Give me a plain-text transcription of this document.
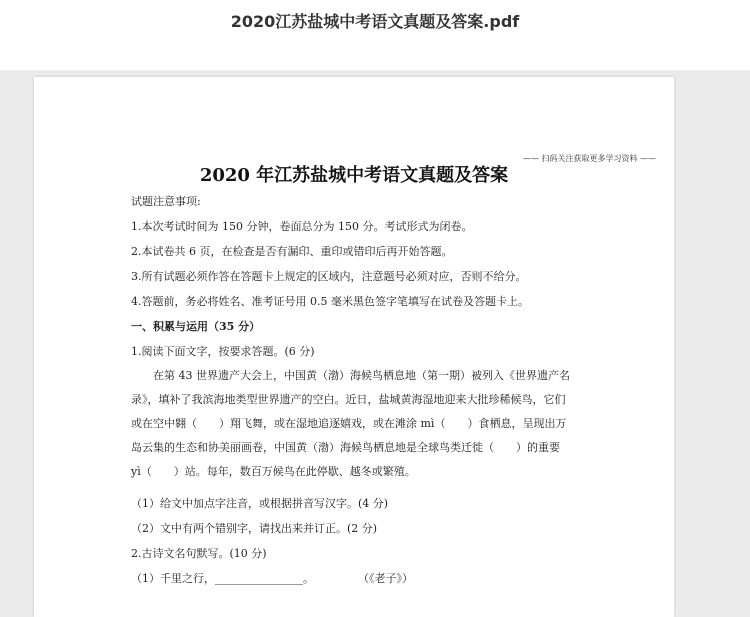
2020江苏盐城中考语文真题及答案.pdf
—— 扫码关注获取更多学习资料 ——
2020 年江苏盐城中考语文真题及答案
试题注意事项:
1.本次考试时间为 150 分钟，卷面总分为 150 分。考试形式为闭卷。
2.本试卷共 6 页，在检查是否有漏印、重印或错印后再开始答题。
3.所有试题必须作答在答题卡上规定的区域内，注意题号必须对应，否则不给分。
4.答题前，务必将姓名、准考证号用 0.5 毫米黑色签字笔填写在试卷及答题卡上。
一、积累与运用（35 分）
1.阅读下面文字，按要求答题。(6 分)

在第 43 世界遗产大会上，中国黄（渤）海候鸟栖息地（第一期）被列入《世界遗产名

录》，填补了我滨海地类型世界遗产的空白。近日，盐城黄海湿地迎来大批珍稀候鸟，它们

或在空中翱（　　）翔飞舞，或在湿地追逐嬉戏，或在滩涂 mì（　　）食栖息，呈现出万

岛云集的生态和协美丽画卷，中国黄（渤）海候鸟栖息地是全球鸟类迁徙（　　）的重要

yì（　　）站。每年，数百万候鸟在此停歇、越冬或繁殖。

（1）给文中加点字注音，或根据拼音写汉字。(4 分)
（2）文中有两个错别字，请找出来并订正。(2 分)
2.古诗文名句默写。(10 分)
（1）千里之行，________________。　　　　　（《老子》）
